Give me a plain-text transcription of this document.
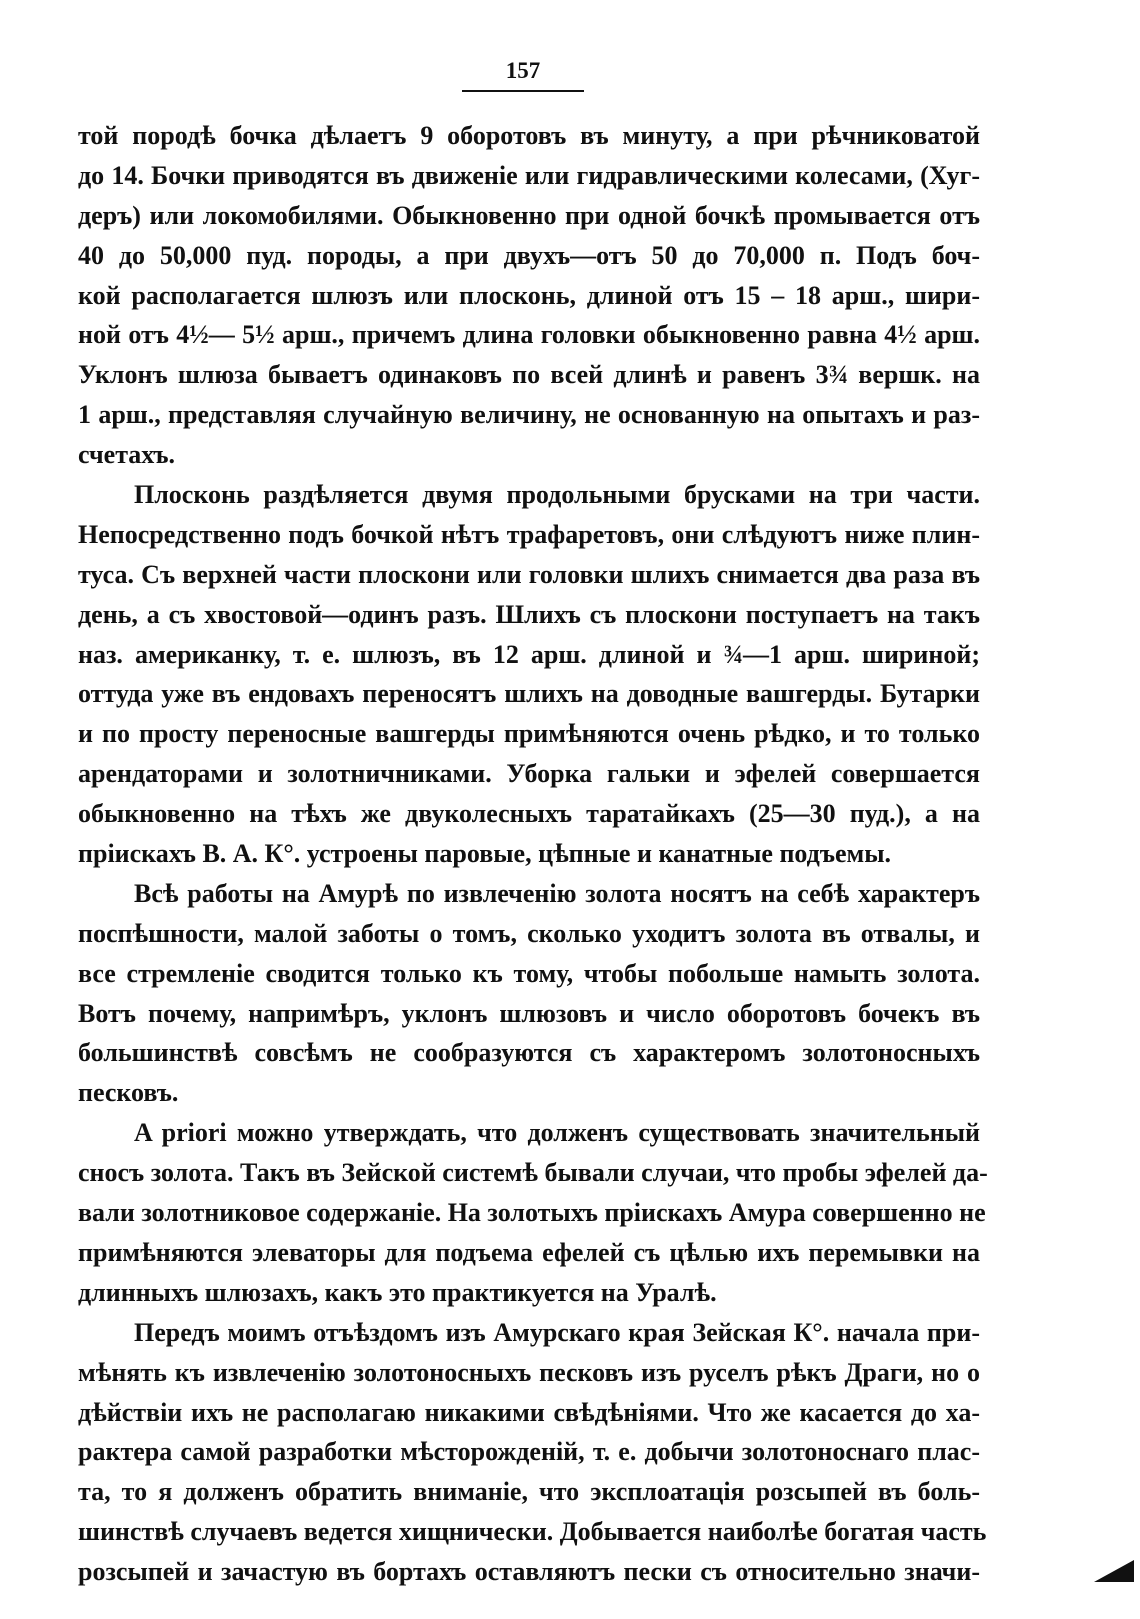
157
той породѣ бочка дѣлаетъ 9 оборотовъ въ минуту, а при рѣчниковатой
до 14. Бочки приводятся въ движенiе или гидравлическими колесами, (Хуг-
деръ) или локомобилями. Обыкновенно при одной бочкѣ промывается отъ
40 до 50,000 пуд. породы, а при двухъ—отъ 50 до 70,000 п. Подъ боч-
кой располагается шлюзъ или плосконь, длиной отъ 15 – 18 арш., шири-
ной отъ 4½— 5½ арш., причемъ длина головки обыкновенно равна 4½ арш.
Уклонъ шлюза бываетъ одинаковъ по всей длинѣ и равенъ 3¾ вершк. на
1 арш., представляя случайную величину, не основанную на опытахъ и раз-
счетахъ.
Плосконь раздѣляется двумя продольными брусками на три части.
Непосредственно подъ бочкой нѣтъ трафаретовъ, они слѣдуютъ ниже плин-
туса. Съ верхней части плоскони или головки шлихъ снимается два раза въ
день, а съ хвостовой—одинъ разъ. Шлихъ съ плоскони поступаетъ на такъ
наз. американку, т. е. шлюзъ, въ 12 арш. длиной и ¾—1 арш. шириной;
оттуда уже въ ендовахъ переносятъ шлихъ на доводные вашгерды. Бутарки
и по просту переносные вашгерды примѣняются очень рѣдко, и то только
арендаторами и золотничниками. Уборка гальки и эфелей совершается
обыкновенно на тѣхъ же двуколесныхъ таратайкахъ (25—30 пуд.), а на
прiискахъ В. А. К°. устроены паровые, цѣпные и канатные подъемы.
Всѣ работы на Амурѣ по извлеченiю золота носятъ на себѣ характеръ
поспѣшности, малой заботы о томъ, сколько уходитъ золота въ отвалы, и
все стремленiе сводится только къ тому, чтобы побольше намыть золота.
Вотъ почему, напримѣръ, уклонъ шлюзовъ и число оборотовъ бочекъ въ
большинствѣ совсѣмъ не сообразуются съ характеромъ золотоносныхъ
песковъ.
A priori можно утверждать, что долженъ существовать значительный
сносъ золота. Такъ въ Зейской системѣ бывали случаи, что пробы эфелей да-
вали золотниковое содержанiе. На золотыхъ прiискахъ Амура совершенно не
примѣняются элеваторы для подъема ефелей съ цѣлью ихъ перемывки на
длинныхъ шлюзахъ, какъ это практикуется на Уралѣ.
Передъ моимъ отъѣздомъ изъ Амурскаго края Зейская К°. начала при-
мѣнять къ извлеченiю золотоносныхъ песковъ изъ руселъ рѣкъ Драги, но о
дѣйствiи ихъ не располагаю никакими свѣдѣнiями. Что же касается до ха-
рактера самой разработки мѣсторожденiй, т. е. добычи золотоноснаго плас-
та, то я долженъ обратить вниманiе, что эксплоатацiя розсыпей въ боль-
шинствѣ случаевъ ведется хищнически. Добывается наиболѣе богатая часть
розсыпей и зачастую въ бортахъ оставляютъ пески съ относительно значи-
